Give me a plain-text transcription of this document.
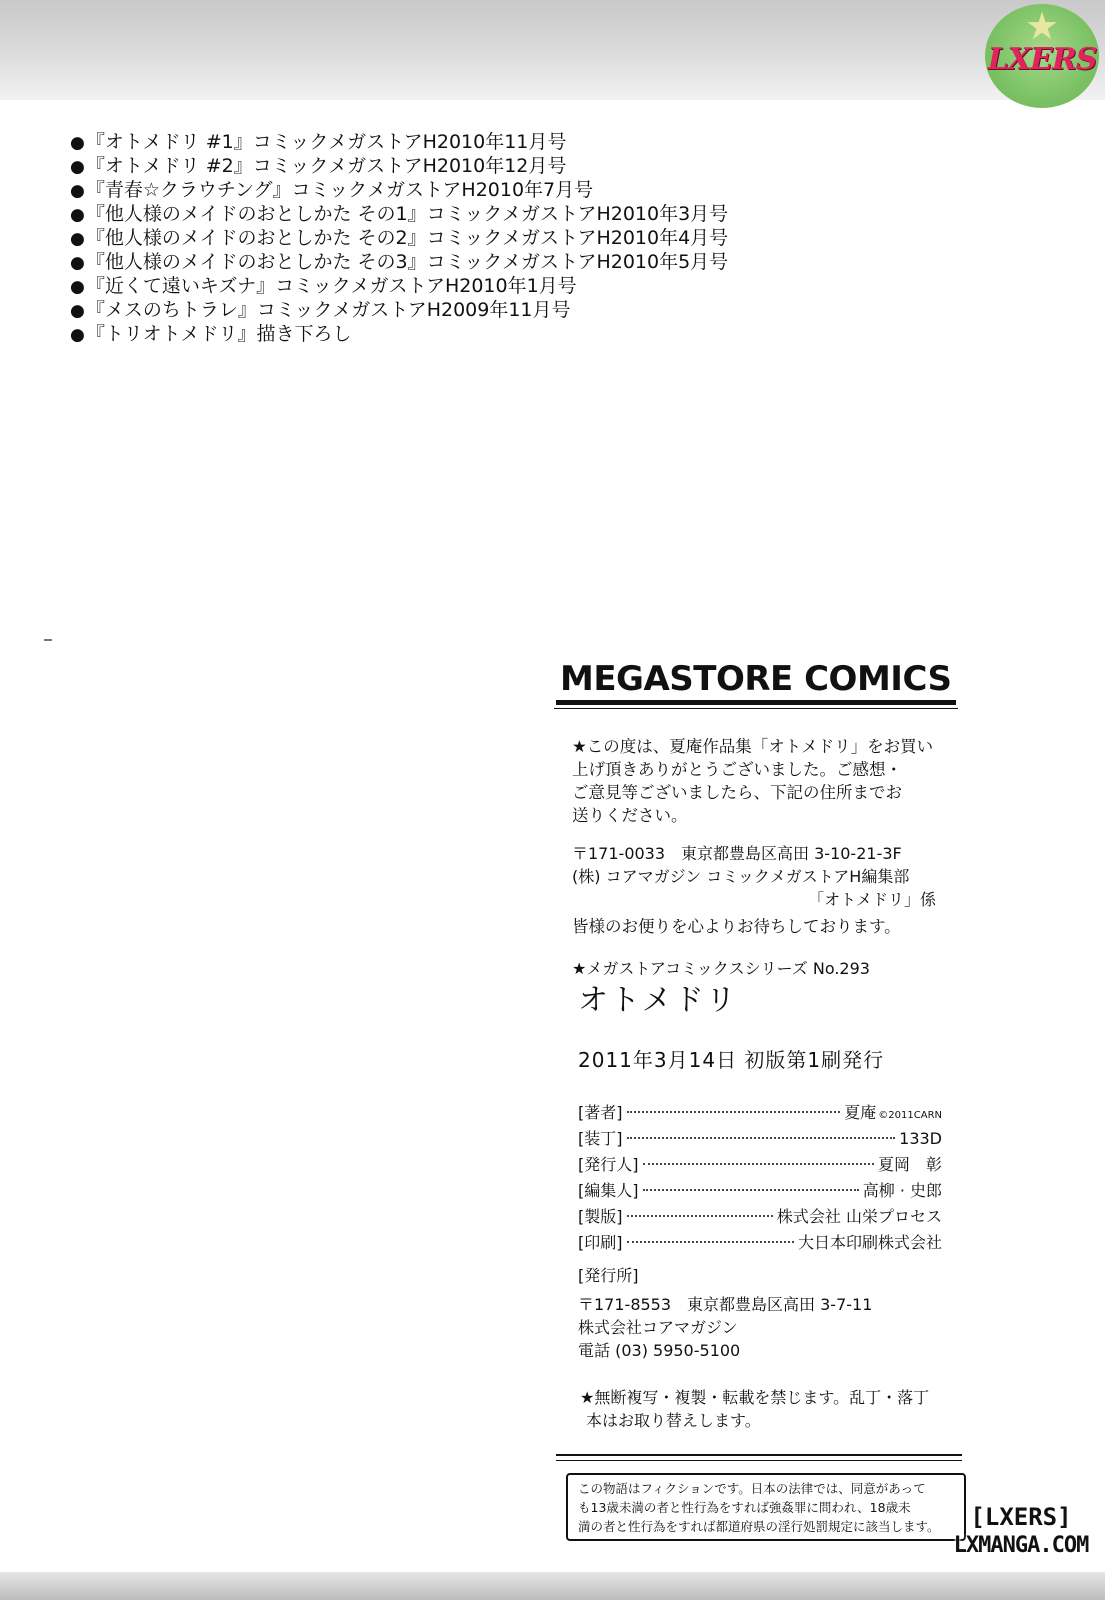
★
LXERS
●『オトメドリ #1』コミックメガストアH2010年11月号
●『オトメドリ #2』コミックメガストアH2010年12月号
●『青春☆クラウチング』コミックメガストアH2010年7月号
●『他人様のメイドのおとしかた その1』コミックメガストアH2010年3月号
●『他人様のメイドのおとしかた その2』コミックメガストアH2010年4月号
●『他人様のメイドのおとしかた その3』コミックメガストアH2010年5月号
●『近くて遠いキズナ』コミックメガストアH2010年1月号
●『メスのちトラレ』コミックメガストアH2009年11月号
●『トリオトメドリ』描き下ろし
MEGASTORE COMICS
★この度は、夏庵作品集「オトメドリ」をお買い
上げ頂きありがとうございました。ご感想・
ご意見等ございましたら、下記の住所までお
送りください。
〒171-0033　東京都豊島区高田 3-10-21-3F
(株) コアマガジン コミックメガストアH編集部
「オトメドリ」係
皆様のお便りを心よりお待ちしております。
★メガストアコミックスシリーズ No.293
オトメドリ
2011年3月14日 初版第1刷発行
[著者]	夏庵 ©2011CARN
[装丁]	133D
[発行人]	夏岡　彰
[編集人]	高柳 · 史郎
[製版]	株式会社 山栄プロセス
[印刷]	大日本印刷株式会社
[発行所]
〒171-8553　東京都豊島区高田 3-7-11
株式会社コアマガジン
電話 (03) 5950-5100
★無断複写・複製・転載を禁じます。乱丁・落丁
本はお取り替えします。
この物語はフィクションです。日本の法律では、同意があって
も13歳未満の者と性行為をすれば強姦罪に問われ、18歳未
満の者と性行為をすれば都道府県の淫行処罰規定に該当します。	[LXERS]
LXMANGA.COM
